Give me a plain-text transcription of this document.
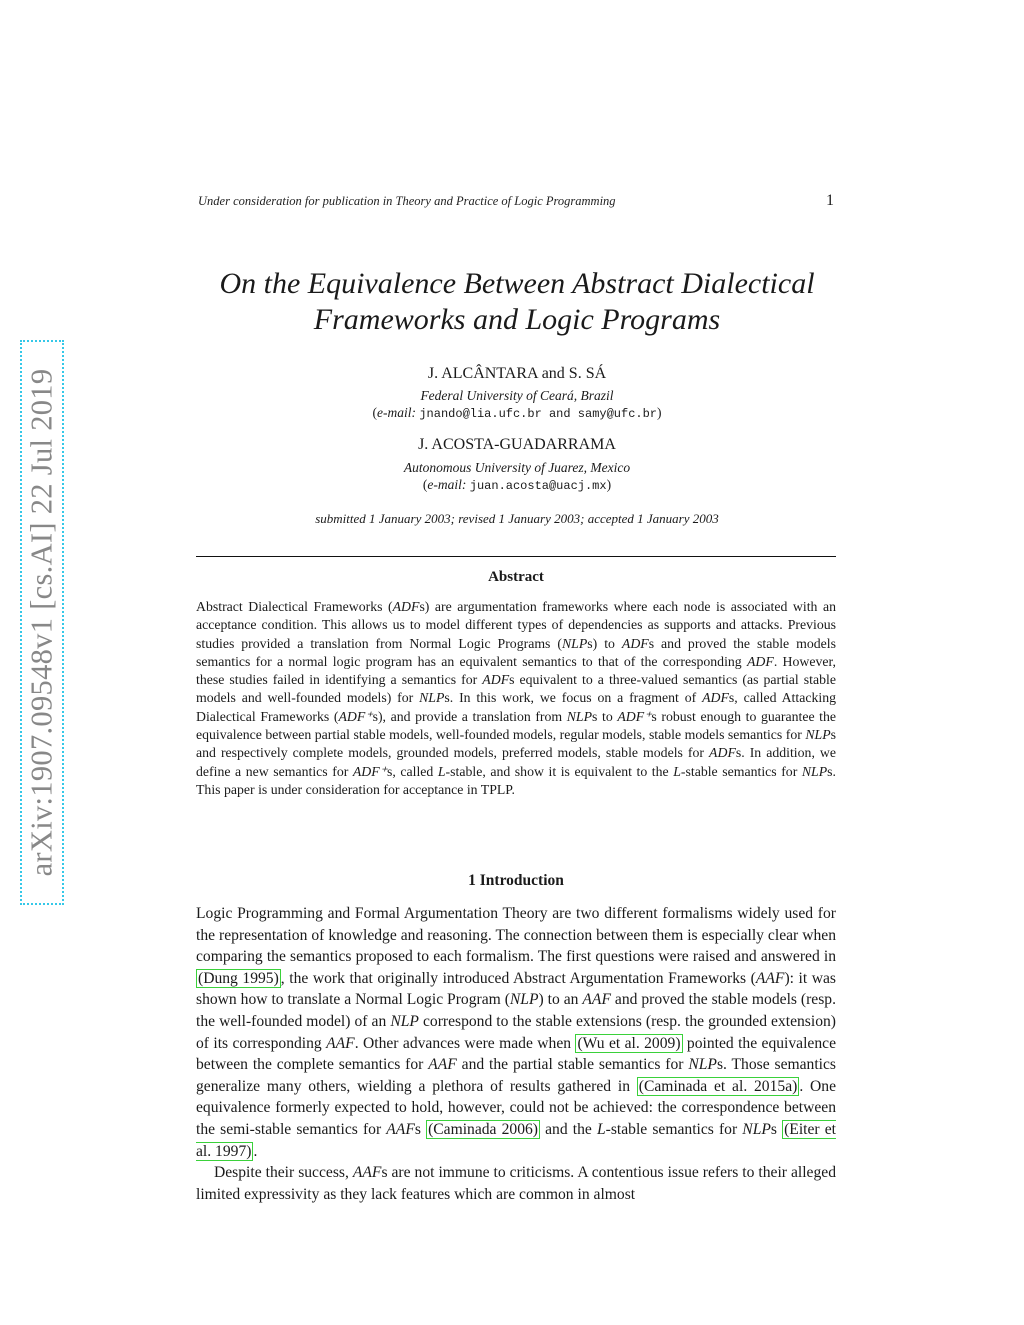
arXiv:1907.09548v1 [cs.AI] 22 Jul 2019
Under consideration for publication in Theory and Practice of Logic Programming	1
On the Equivalence Between Abstract Dialectical
Frameworks and Logic Programs
J. ALCÂNTARA and S. SÁ
Federal University of Ceará, Brazil
(e-mail: jnando@lia.ufc.br and samy@ufc.br)
J. ACOSTA-GUADARRAMA
Autonomous University of Juarez, Mexico
(e-mail: juan.acosta@uacj.mx)
submitted 1 January 2003; revised 1 January 2003; accepted 1 January 2003
Abstract
Abstract Dialectical Frameworks (ADFs) are argumentation frameworks where each node is associated with an acceptance condition. This allows us to model different types of dependencies as supports and attacks. Previous studies provided a translation from Normal Logic Programs (NLPs) to ADFs and proved the stable models semantics for a normal logic program has an equivalent semantics to that of the corresponding ADF. However, these studies failed in identifying a semantics for ADFs equivalent to a three-valued semantics (as partial stable models and well-founded models) for NLPs. In this work, we focus on a fragment of ADFs, called Attacking Dialectical Frameworks (ADF⁺s), and provide a translation from NLPs to ADF⁺s robust enough to guarantee the equivalence between partial stable models, well-founded models, regular models, stable models semantics for NLPs and respectively complete models, grounded models, preferred models, stable models for ADFs. In addition, we define a new semantics for ADF⁺s, called L-stable, and show it is equivalent to the L-stable semantics for NLPs. This paper is under consideration for acceptance in TPLP.
1 Introduction

Logic Programming and Formal Argumentation Theory are two different formalisms widely used for the representation of knowledge and reasoning. The connection between them is especially clear when comparing the semantics proposed to each formalism. The first questions were raised and answered in (Dung 1995) , the work that originally introduced Abstract Argumentation Frameworks (AAF): it was shown how to translate a Normal Logic Program (NLP) to an AAF and proved the stable models (resp. the well-founded model) of an NLP correspond to the stable extensions (resp. the grounded extension) of its corresponding AAF. Other advances were made when (Wu et al. 2009) pointed the equivalence between the complete semantics for AAF and the partial stable semantics for NLPs. Those semantics generalize many others, wielding a plethora of results gathered in (Caminada et al. 2015a) . One equivalence formerly expected to hold, however, could not be achieved: the correspondence between the semi-stable semantics for AAFs (Caminada 2006) and the L-stable semantics for NLPs (Eiter et al. 1997) .

Despite their success, AAFs are not immune to criticisms. A contentious issue refers to their alleged limited expressivity as they lack features which are common in almost
